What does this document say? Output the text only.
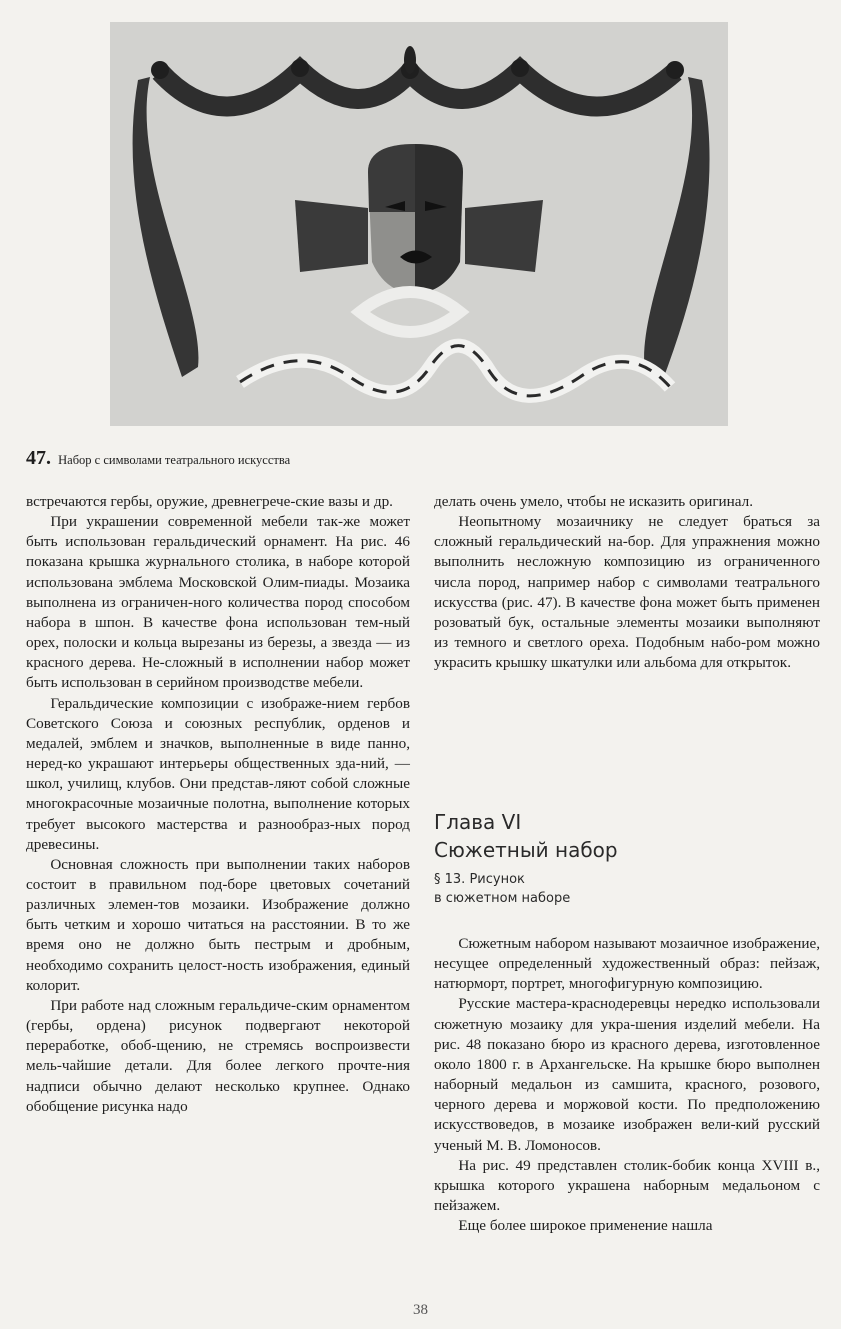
47. Набор с символами театрального искусства

встречаются гербы, оружие, древнегрече-ские вазы и др.

При украшении современной мебели так-же может быть использован геральдический орнамент. На рис. 46 показана крышка журнального столика, в наборе которой использована эмблема Московской Олим-пиады. Мозаика выполнена из ограничен-ного количества пород способом набора в шпон. В качестве фона использован тем-ный орех, полоски и кольца вырезаны из березы, а звезда — из красного дерева. Не-сложный в исполнении набор может быть использован в серийном производстве мебели.

Геральдические композиции с изображе-нием гербов Советского Союза и союзных республик, орденов и медалей, эмблем и значков, выполненные в виде панно, неред-ко украшают интерьеры общественных зда-ний, — школ, училищ, клубов. Они представ-ляют собой сложные многокрасочные мозаичные полотна, выполнение которых требует высокого мастерства и разнообраз-ных пород древесины.

Основная сложность при выполнении таких наборов состоит в правильном под-боре цветовых сочетаний различных элемен-тов мозаики. Изображение должно быть четким и хорошо читаться на расстоянии. В то же время оно не должно быть пестрым и дробным, необходимо сохранить целост-ность изображения, единый колорит.

При работе над сложным геральдиче-ским орнаментом (гербы, ордена) рисунок подвергают некоторой переработке, обоб-щению, не стремясь воспроизвести мель-чайшие детали. Для более легкого прочте-ния надписи обычно делают несколько крупнее. Однако обобщение рисунка надо

делать очень умело, чтобы не исказить оригинал.

Неопытному мозаичнику не следует браться за сложный геральдический на-бор. Для упражнения можно выполнить несложную композицию из ограниченного числа пород, например набор с символами театрального искусства (рис. 47). В качестве фона может быть применен розоватый бук, остальные элементы мозаики выполняют из темного и светлого ореха. Подобным набо-ром можно украсить крышку шкатулки или альбома для открыток.

Глава VI
Сюжетный набор
§ 13. Рисунок
в сюжетном наборе

Сюжетным набором называют мозаичное изображение, несущее определенный художественный образ: пейзаж, натюрморт, портрет, многофигурную композицию.

Русские мастера-краснодеревцы нередко использовали сюжетную мозаику для укра-шения изделий мебели. На рис. 48 показано бюро из красного дерева, изготовленное около 1800 г. в Архангельске. На крышке бюро выполнен наборный медальон из самшита, красного, розового, черного дерева и моржовой кости. По предположению искусствоведов, в мозаике изображен вели-кий русский ученый М. В. Ломоносов.

На рис. 49 представлен столик-бобик конца XVIII в., крышка которого украшена наборным медальоном с пейзажем.

Еще более широкое применение нашла

38
